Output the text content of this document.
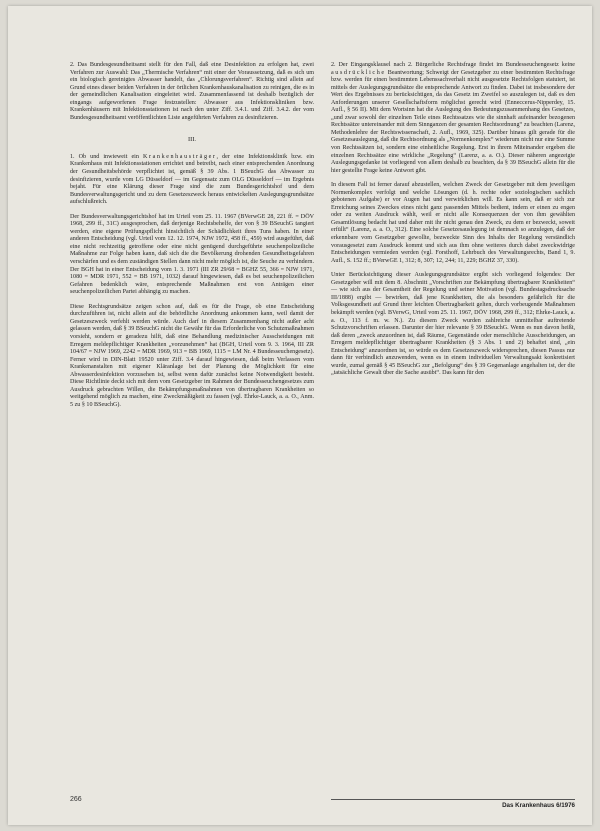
2. Das Bundesgesundheitsamt stellt für den Fall, daß eine Desinfektion zu erfolgen hat, zwei Verfahren zur Auswahl: Das „Thermische Verfahren“ mit einer der Voraussetzung, daß es sich um ein biologisch gereinigtes Abwasser handelt, das „Chlorungsverfahren“. Richtig sind allein auf Grund eines dieser beiden Verfahren in der örtlichen Krankenhauskanalisation zu reinigen, die es in der gemeindlichen Kanalisation eingeleitet wird. Zusammenfassend ist deshalb bezüglich der eingangs aufgeworfenen Frage festzustellen: Abwasser aus Infektionskliniken bzw. Krankenhäusern mit Infektionsstationen ist nach den unter Ziff. 3.4.1. und Ziff. 3.4.2. der vom Bundesgesundheitsamt veröffentlichten Liste angeführten Verfahren zu desinfizieren.

III.

1. Ob und inwieweit ein Krankenhausträger, der eine Infektionsklinik bzw. ein Krankenhaus mit Infektionsstationen errichtet und betreibt, nach einer entsprechenden Anordnung der Gesundheitsbehörde verpflichtet ist, gemäß § 39 Abs. 1 BSeuchG das Abwasser zu desinfizieren, wurde vom LG Düsseldorf — im Gegensatz zum OLG Düsseldorf — im Ergebnis bejaht. Für eine Klärung dieser Frage sind die zum Bundesgerichtshof und dem Bundesverwaltungsgericht und zu dem Gesetzeszweck heraus entwickelten Auslegungsgrundsätze aufschlußreich.

Der Bundesverwaltungsgerichtshof hat im Urteil vom 25. 11. 1967 (BVerwGE 28, 221 ff. = DÖV 1968, 299 ff., 31C) ausgesprochen, daß derjenige Rechtsbehelfe, der von § 39 BSeuchG tangiert werden, eine eigene Prüfungspflicht hinsichtlich der Schädlichkeit ihres Tuns haben. In einer anderen Entscheidung (vgl. Urteil vom 12. 12. 1974, NJW 1972, 458 ff., 459) wird ausgeführt, daß eine nicht rechtzeitig getroffene oder eine nicht genügend durchgeführte seuchenpolizeiliche Maßnahme zur Folge haben kann, daß sich die die Bevölkerung drohenden Gesundheitsgefahren verschärfen und es dem zuständigen Stellen dann nicht mehr möglich ist, die Seuche zu verhindern. Der BGH hat in einer Entscheidung vom 1. 3. 1971 (III ZR 29/68 = BGHZ 55, 366 = NJW 1971, 1080 = MDR 1971, 552 = BB 1971, 1032) darauf hingewiesen, daß es bei seuchenpolizeilichen Gefahren bedenklich wäre, entsprechende Maßnahmen erst von Anträgen einer seuchenpolizeilichen Partei abhängig zu machen.

Diese Rechtsgrundsätze zeigen schon auf, daß es für die Frage, ob eine Entscheidung durchzuführen ist, nicht allein auf die behördliche Anordnung ankommen kann, weil damit der Gesetzeszweck verfehlt werden würde. Auch darf in diesem Zusammenhang nicht außer acht gelassen werden, daß § 39 BSeuchG nicht die Gewähr für das Erforderliche von Schutzmaßnahmen vorsieht, sondern er geradezu hilft, daß eine Behandlung medizinischer Ausscheidungen mit Erregern meldepflichtiger Krankheiten „vorzunehmen“ hat (BGH, Urteil vom 9. 3. 1964, III ZR 104/67 = NJW 1969, 2242 = MDR 1969, 913 = BB 1969, 1115 = LM Nr. 4 Bundesseuchengesetz). Ferner wird in DIN-Blatt 19520 unter Ziff. 3.4 darauf hingewiesen, daß beim Verlassen vom Krankenanstalten mit eigener Kläranlage bei der Planung die Möglichkeit für eine Abwasserdesinfektion vorzusehen ist, selbst wenn dafür zunächst keine Notwendigkeit besteht. Diese Richtlinie deckt sich mit dem vom Gesetzgeber im Rahmen der Bundesseuchengesetzes zum Ausdruck gebrachten Willen, die Bekämpfungsmaßnahmen von übertragbaren Krankheiten so weitgehend möglich zu machen, eine Zweckmäßigkeit zu fassen (vgl. Ehrke-Lauck, a. a. O., Anm. 5 zu § 10 BSeuchG).

2. Der Eingangsklausel nach 2. Bürgerliche Rechtsfrage findet im Bundesseuchengesetz keine ausdrückliche Beantwortung; Schweigt der Gesetzgeber zu einer bestimmten Rechtsfrage bzw. werden für einen bestimmten Lebenssachverhalt nicht ausgesetzte Rechtsfolgen statuiert, ist mittels der Auslegungsgrundsätze die entsprechende Antwort zu finden. Dabei ist insbesondere der Wert des Ergebnisses zu berücksichtigen, da das Gesetz im Zweifel so auszulegen ist, daß es den Anforderungen unserer Gesellschaftsform möglichst gerecht wird (Enneccerus-Nipperdey, 15. Aufl., § 56 II). Mit dem Wortsinn hat die Auslegung des Bedeutungszusammenhang des Gesetzes, „und zwar sowohl der einzelnen Teile eines Rechtssatzes wie die sinnhaft aufeinander bezogenen Rechtssätze untereinander mit dem Sinnganzen der gesamten Rechtsordnung“ zu beachten (Larenz, Methodenlehre der Rechtswissenschaft, 2. Aufl., 1969, 325). Darüber hinaus gilt gerade für die Gesetzesauslegung, daß die Rechtsordnung als „Normenkomplex“ wiederum nicht nur eine Summe von Rechtssätzen ist, sondern eine einheitliche Regelung. Erst in ihrem Miteinander ergeben die einzelnen Rechtssätze eine wirkliche „Regelung“ (Larenz, a. a. O.). Dieser näheren angezeigte Auslegungsgedanke ist vorliegend von allem deshalb zu beachten, da § 39 BSeuchG allein für die hier gestellte Frage keine Antwort gibt.

In diesem Fall ist ferner darauf abzustellen, welchen Zweck der Gesetzgeber mit dem jeweiligen Normenkomplex verfolgt und welche Lösungen (d. h. rechte oder soziologischen sachlich gebotenen Aufgabe) er vor Augen hat und verwirklichen will. Es kann sein, daß er sich zur Erreichung seines Zweckes eines nicht ganz passenden Mittels bedient, indem er einen zu engen oder zu weiten Ausdruck wählt, weil er nicht alle Konsequenzen der von ihm gewählten Gesamtlösung bedacht hat und daher mit ihr nicht genau den Zweck, zu dem er bezweckt, soweit erfüllt“ (Larenz, a. a. O., 312). Eine solche Gesetzesauslegung ist demnach so anzulegen, daß der erkennbare vom Gesetzgeber gewollte, bezweckte Sinn des Inhalts der Regelung verständlich vorausgesetzt zum Ausdruck kommt und sich aus ihm ohne weiteres durch dabei zweckwidrige Entscheidungen vermieden werden (vgl. Forsthoff, Lehrbuch des Verwaltungsrechts, Band 1, 9. Aufl., S. 152 ff.; BVerwGE 1, 312; 8, 307; 12, 244; 11, 229; BGHZ 37, 330).

Unter Berücksichtigung dieser Auslegungsgrundsätze ergibt sich vorliegend folgendes: Der Gesetzgeber will mit dem 8. Abschnitt „Vorschriften zur Bekämpfung übertragbarer Krankheiten“ — wie sich aus der Gesamtheit der Regelung und seiner Motivation (vgl. Bundestagsdrucksache III/1888) ergibt — bewirken, daß jene Krankheiten, die als besonders gefährlich für die Volksgesundheit auf Grund ihrer leichten Übertragbarkeit gelten, durch vorbeugende Maßnahmen bekämpft werden (vgl. BVerwG, Urteil vom 25. 11. 1967, DÖV 1968, 299 ff., 312; Ehrke-Lauck, a. a. O., 113 f. m. w. N.). Zu diesem Zweck wurden zahlreiche unmittelbar auftretende Schutzvorschriften erlassen. Darunter der hier relevante § 39 BSeuchG. Wenn es nun davon heißt, daß deren „zweck anzuordnen ist, daß Räume, Gegenstände oder menschliche Ausscheidungen, an Erregern meldepflichtiger übertragbarer Krankheiten (§ 3 Abs. 1 und 2) behaftet sind, „ein Entscheidung“ anzuordnen ist, so würde es dem Gesetzeszweck widersprechen, diesen Passus nur dann für verbindlich anzuwenden, wenn es in einem individuellen Verwaltungsakt konkretisiert wurde, zumal gemäß § 45 BSeuchG zur „Befolgung“ des § 39 Gegenanlage angehalten ist, der die „tatsächliche Gewalt über die Sache ausübt“. Das kann für den

266
Das Krankenhaus 6/1976
